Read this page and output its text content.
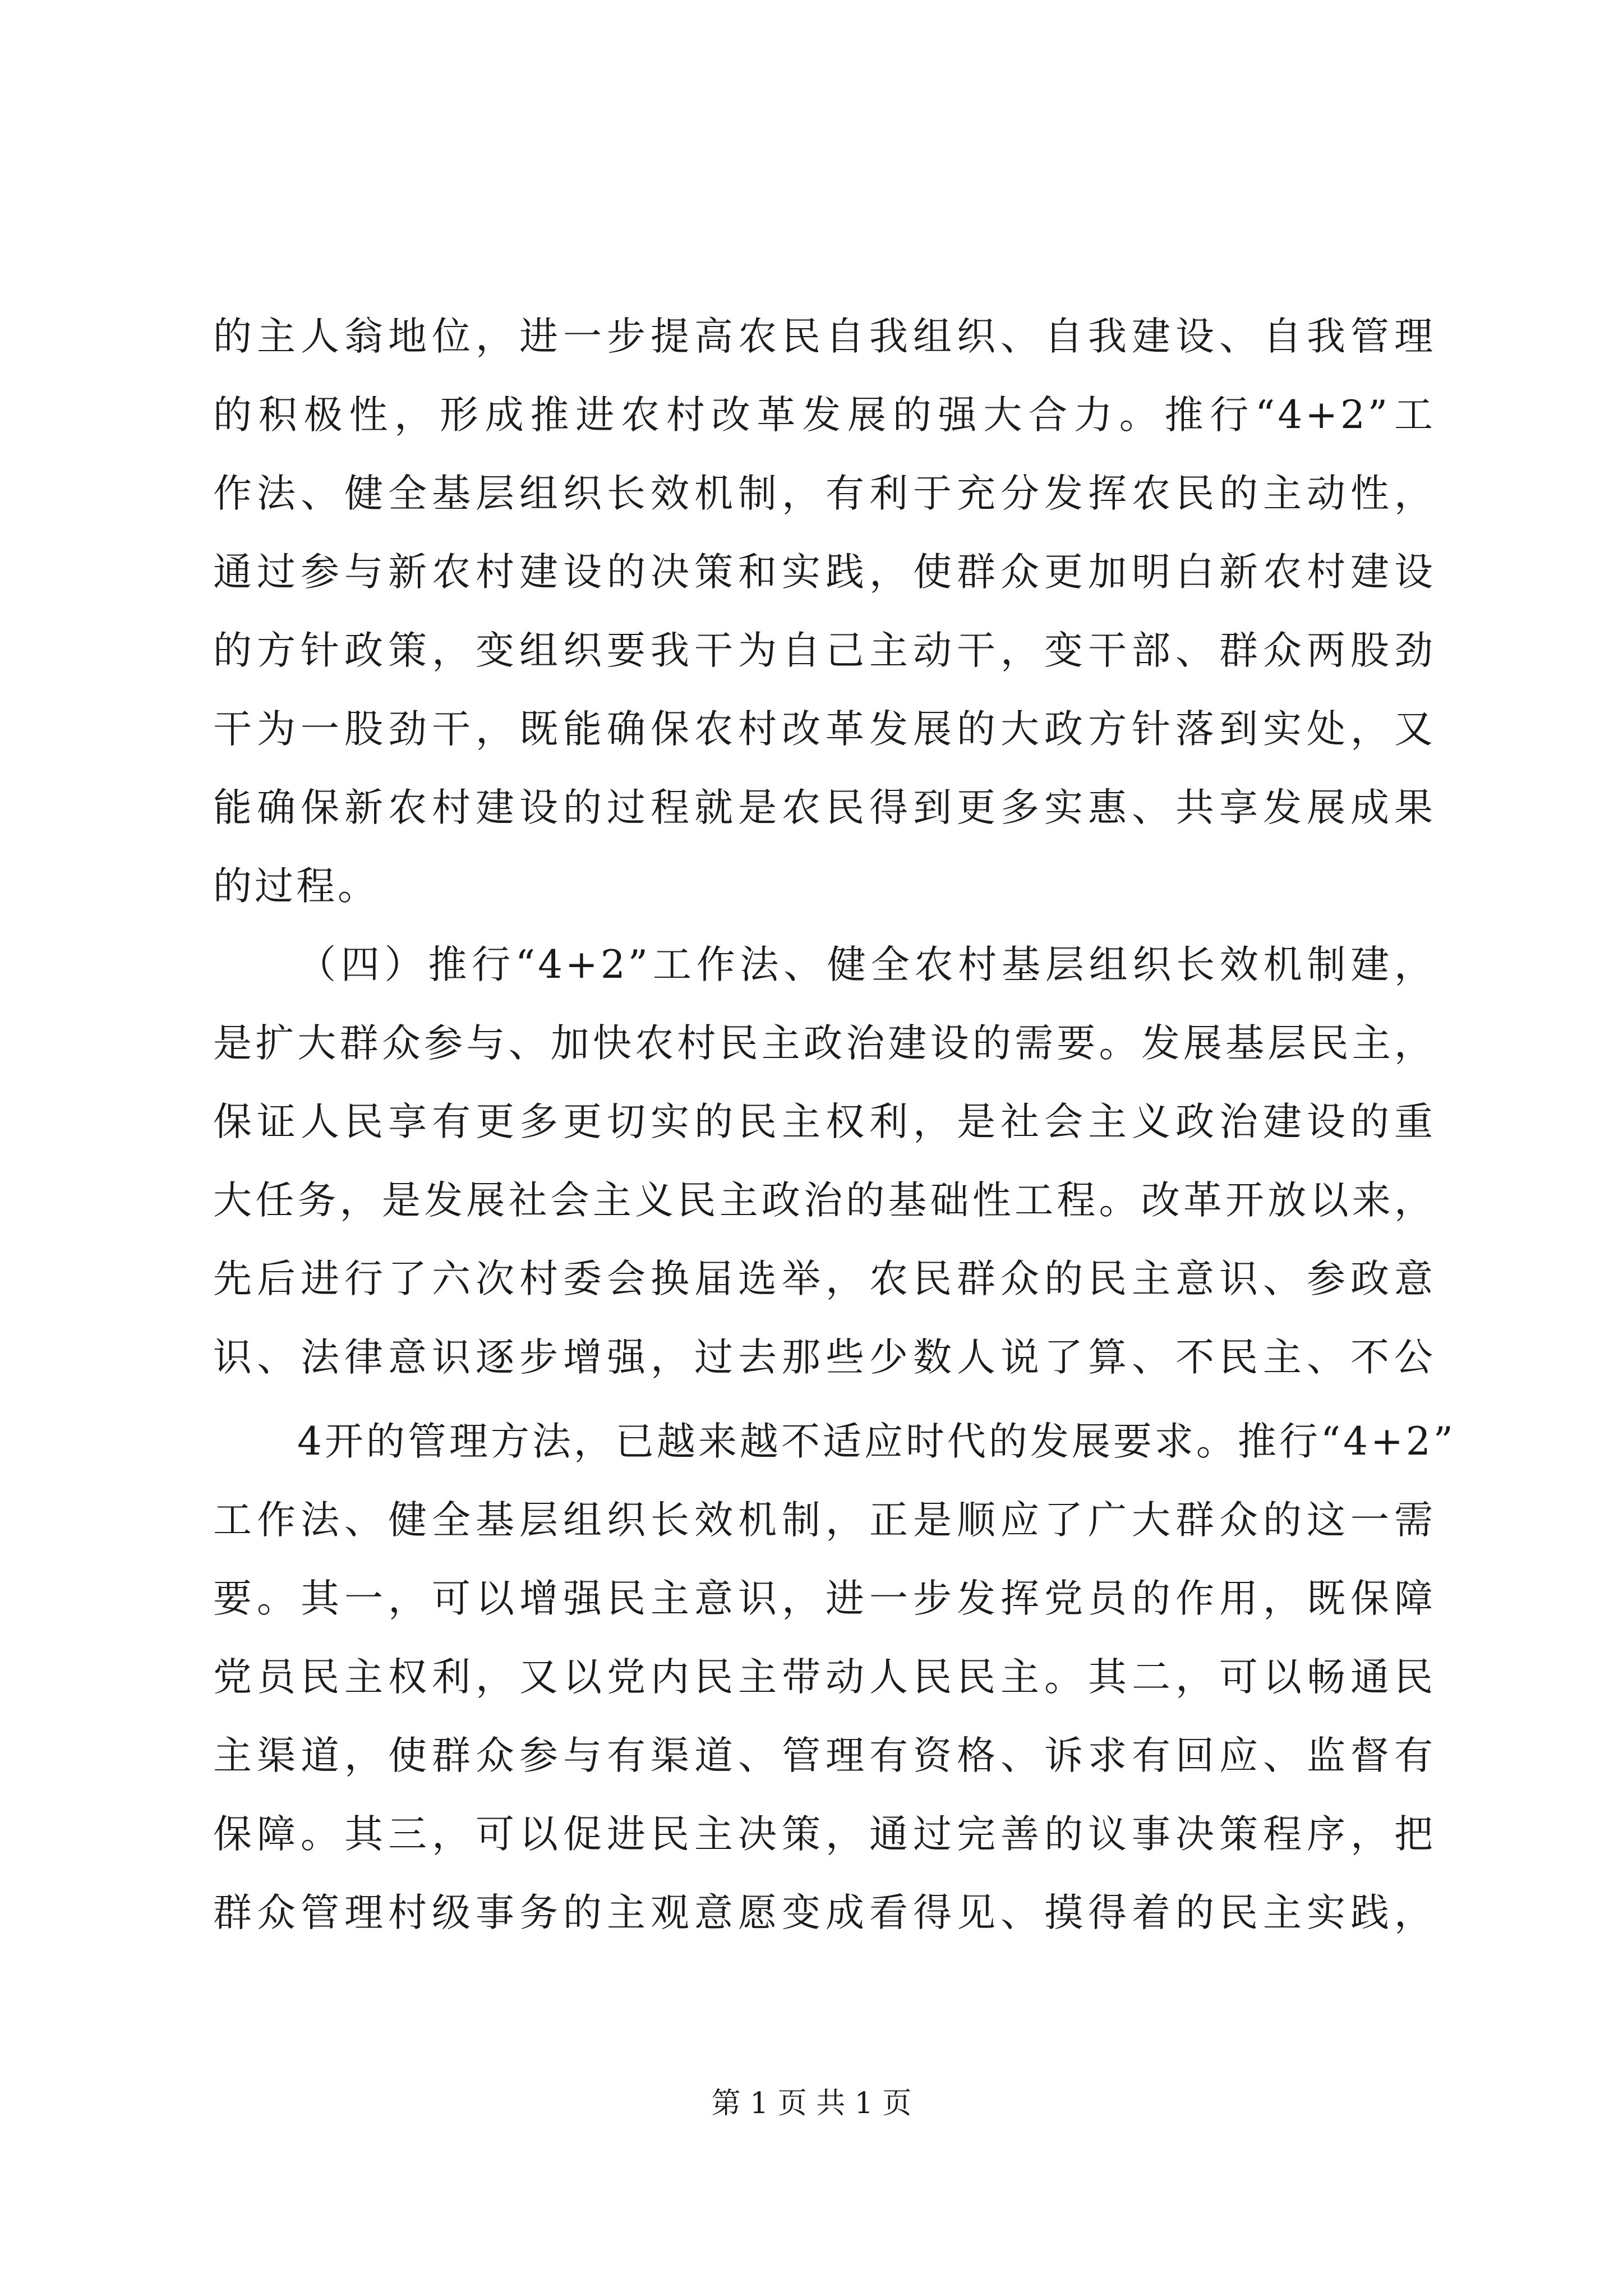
的主人翁地位，进一步提高农民自我组织、自我建设、自我管理
的积极性，形成推进农村改革发展的强大合力。推行“4+2”工
作法、健全基层组织长效机制，有利于充分发挥农民的主动性，
通过参与新农村建设的决策和实践，使群众更加明白新农村建设
的方针政策，变组织要我干为自己主动干，变干部、群众两股劲
干为一股劲干，既能确保农村改革发展的大政方针落到实处，又
能确保新农村建设的过程就是农民得到更多实惠、共享发展成果
的过程。
（四）推行“4+2”工作法、健全农村基层组织长效机制建，
是扩大群众参与、加快农村民主政治建设的需要。发展基层民主，
保证人民享有更多更切实的民主权利，是社会主义政治建设的重
大任务，是发展社会主义民主政治的基础性工程。改革开放以来，
先后进行了六次村委会换届选举，农民群众的民主意识、参政意
识、法律意识逐步增强，过去那些少数人说了算、不民主、不公
4开的管理方法，已越来越不适应时代的发展要求。推行“4+2”
工作法、健全基层组织长效机制，正是顺应了广大群众的这一需
要。其一，可以增强民主意识，进一步发挥党员的作用，既保障
党员民主权利，又以党内民主带动人民民主。其二，可以畅通民
主渠道，使群众参与有渠道、管理有资格、诉求有回应、监督有
保障。其三，可以促进民主决策，通过完善的议事决策程序，把
群众管理村级事务的主观意愿变成看得见、摸得着的民主实践，
第 1 页 共 1 页
